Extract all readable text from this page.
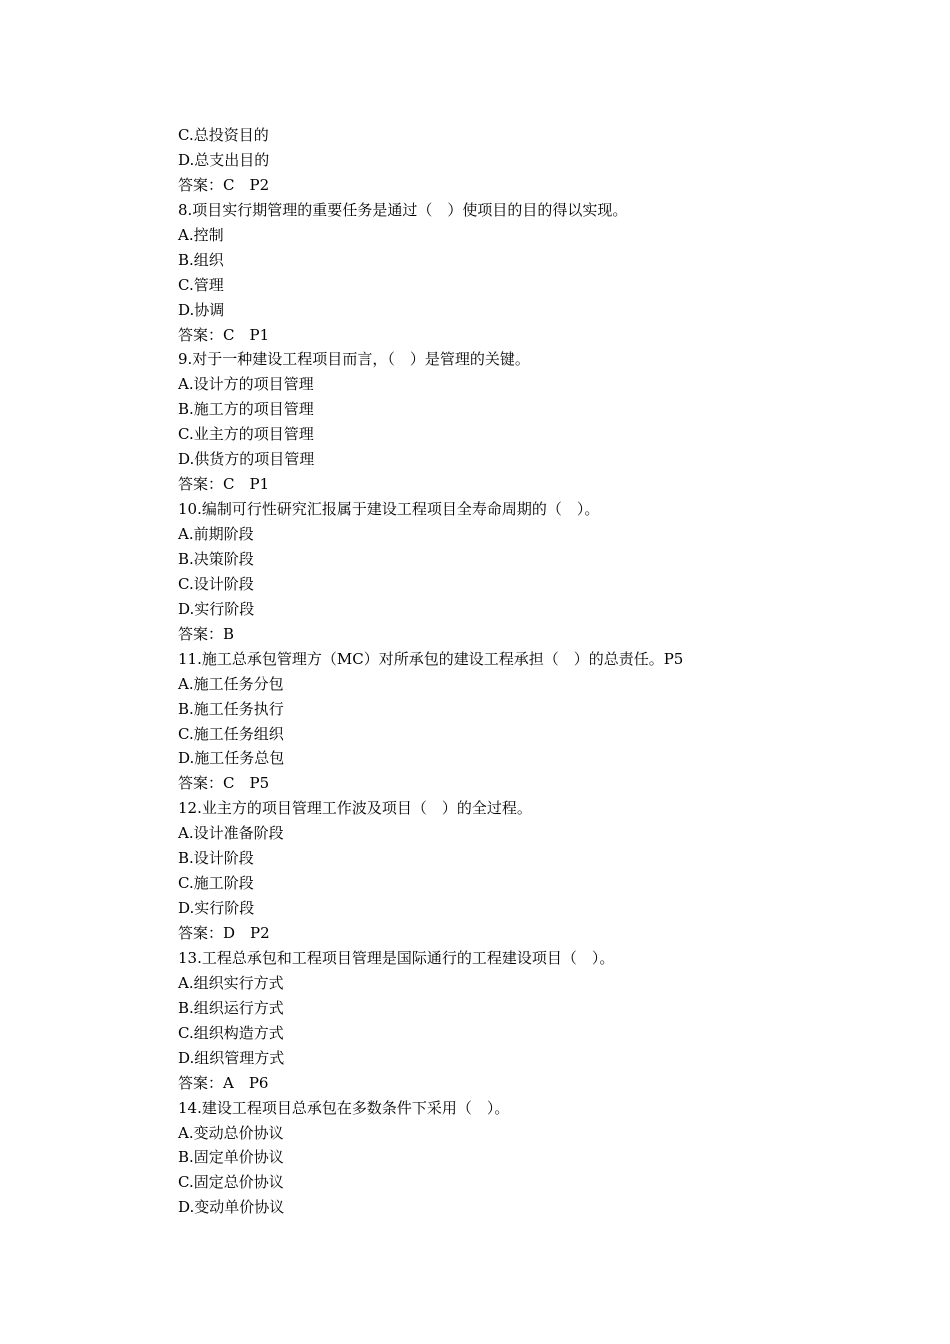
C.总投资目的
D.总支出目的
答案：C　P2
8.项目实行期管理的重要任务是通过（　）使项目的目的得以实现。
A.控制
B.组织
C.管理
D.协调
答案：C　P1
9.对于一种建设工程项目而言，（　）是管理的关键。
A.设计方的项目管理
B.施工方的项目管理
C.业主方的项目管理
D.供货方的项目管理
答案：C　P1
10.编制可行性研究汇报属于建设工程项目全寿命周期的（　）。
A.前期阶段
B.决策阶段
C.设计阶段
D.实行阶段
答案：B
11.施工总承包管理方（MC）对所承包的建设工程承担（　）的总责任。P5
A.施工任务分包
B.施工任务执行
C.施工任务组织
D.施工任务总包
答案：C　P5
12.业主方的项目管理工作波及项目（　）的全过程。
A.设计准备阶段
B.设计阶段
C.施工阶段
D.实行阶段
答案：D　P2
13.工程总承包和工程项目管理是国际通行的工程建设项目（　）。
A.组织实行方式
B.组织运行方式
C.组织构造方式
D.组织管理方式
答案：A　P6
14.建设工程项目总承包在多数条件下采用（　）。
A.变动总价协议
B.固定单价协议
C.固定总价协议
D.变动单价协议
